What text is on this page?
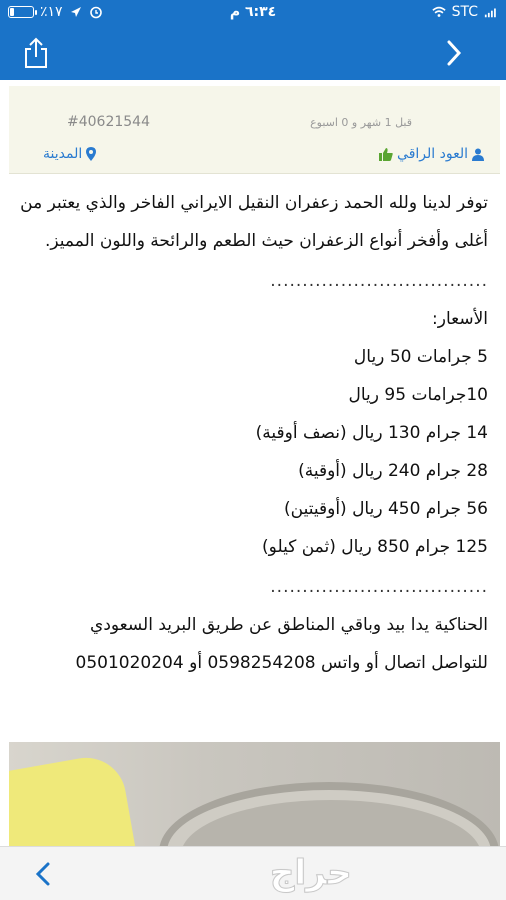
٪١٧	٦:٣٤ م	STC
#40621544	قبل 1 شهر و 0 اسبوع
العود الراقي
المدينة

توفر لدينا ولله الحمد زعفران النقيل الايراني الفاخر والذي يعتبر من أغلى وأفخر أنواع الزعفران حيث الطعم والرائحة واللون المميز.

..................................

الأسعار:

5 جرامات 50 ريال

10جرامات 95 ريال

14 جرام 130 ريال (نصف أوقية)

28 جرام 240 ريال (أوقية)

56 جرام 450 ريال (أوقيتين)

125 جرام 850 ريال (ثمن كيلو)

..................................

الحناكية يدا بيد وباقي المناطق عن طريق البريد السعودي

للتواصل اتصال أو واتس 0598254208 أو 0501020204

حراج
